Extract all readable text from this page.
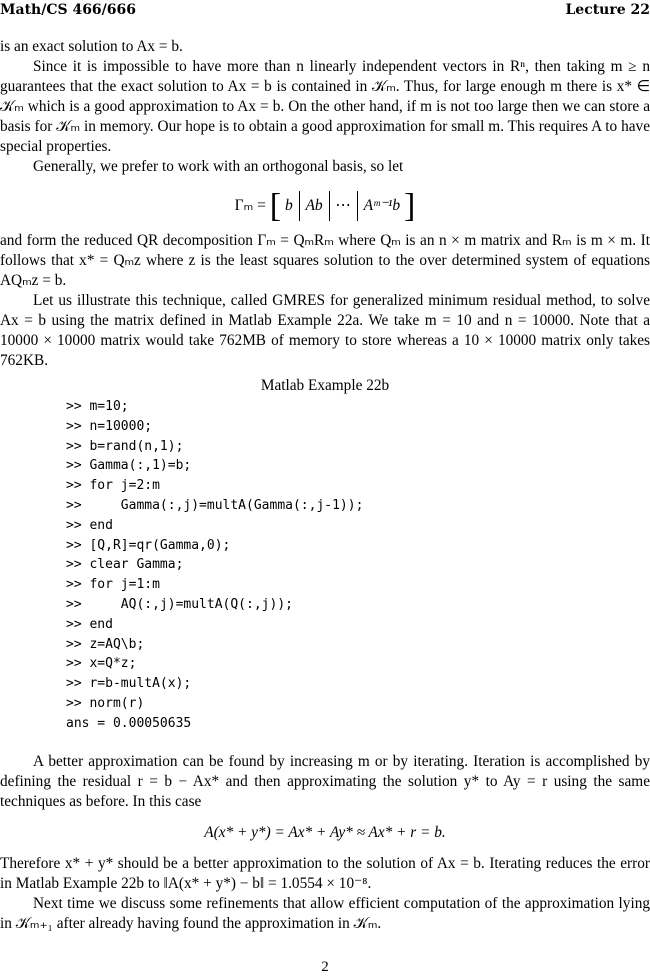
Math/CS 466/666	Lecture 22

is an exact solution to Ax = b.

Since it is impossible to have more than n linearly independent vectors in Rⁿ, then taking m ≥ n guarantees that the exact solution to Ax = b is contained in 𝒦ₘ. Thus, for large enough m there is x* ∈ 𝒦ₘ which is a good approximation to Ax = b. On the other hand, if m is not too large then we can store a basis for 𝒦ₘ in memory. Our hope is to obtain a good approximation for small m. This requires A to have special properties.

Generally, we prefer to work with an orthogonal basis, so let

Γₘ = [ b Ab ⋯ Aᵐ⁻¹b ]

and form the reduced QR decomposition Γₘ = QₘRₘ where Qₘ is an n × m matrix and Rₘ is m × m. It follows that x* = Qₘz where z is the least squares solution to the over determined system of equations AQₘz = b.

Let us illustrate this technique, called GMRES for generalized minimum residual method, to solve Ax = b using the matrix defined in Matlab Example 22a. We take m = 10 and n = 10000. Note that a 10000 × 10000 matrix would take 762MB of memory to store whereas a 10 × 10000 matrix only takes 762KB.

Matlab Example 22b
>> m=10;
>> n=10000;
>> b=rand(n,1);
>> Gamma(:,1)=b;
>> for j=2:m
>>     Gamma(:,j)=multA(Gamma(:,j-1));
>> end
>> [Q,R]=qr(Gamma,0);
>> clear Gamma;
>> for j=1:m
>>     AQ(:,j)=multA(Q(:,j));
>> end
>> z=AQ\b;
>> x=Q*z;
>> r=b-multA(x);
>> norm(r)
ans = 0.00050635

A better approximation can be found by increasing m or by iterating. Iteration is accomplished by defining the residual r = b − Ax* and then approximating the solution y* to Ay = r using the same techniques as before. In this case

A(x* + y*) = Ax* + Ay* ≈ Ax* + r = b.

Therefore x* + y* should be a better approximation to the solution of Ax = b. Iterating reduces the error in Matlab Example 22b to ‖A(x* + y*) − b‖ = 1.0554 × 10⁻⁸.

Next time we discuss some refinements that allow efficient computation of the approximation lying in 𝒦ₘ₊₁ after already having found the approximation in 𝒦ₘ.

2
